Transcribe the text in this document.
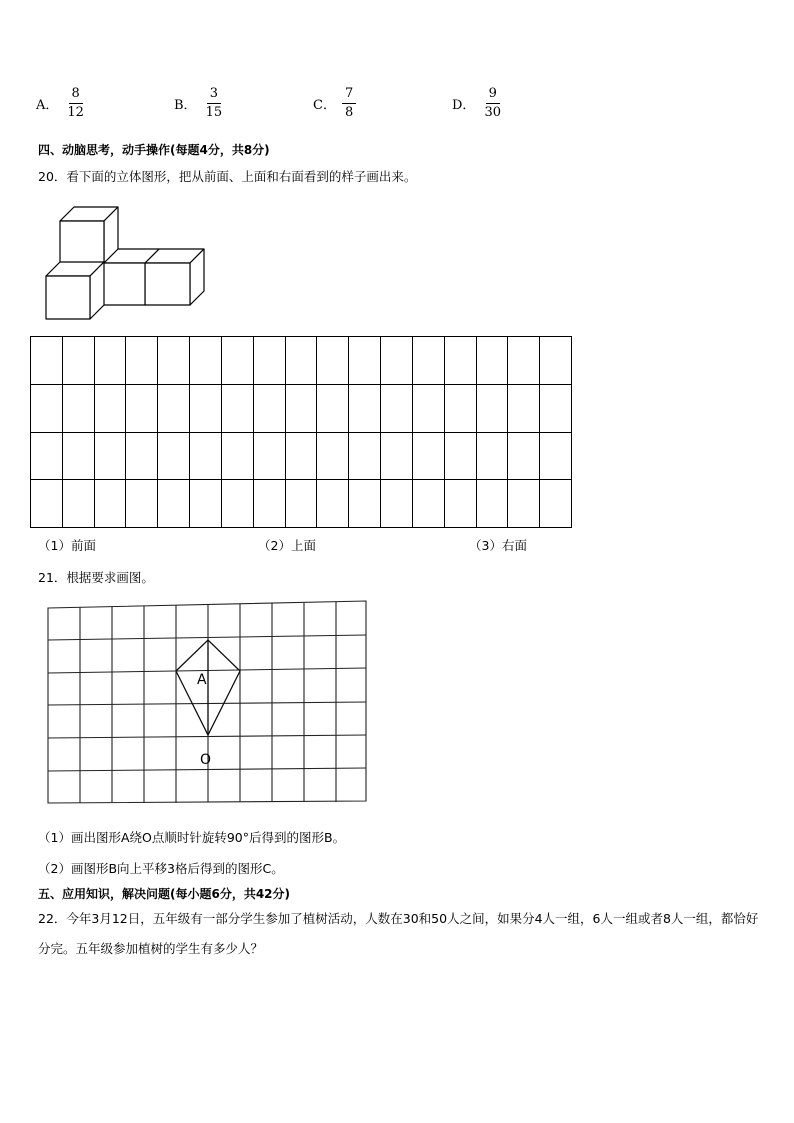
A． $\frac{8}{12}$	B． $\frac{3}{15}$	C． $\frac{7}{8}$	D． $\frac{9}{30}$
四、动脑思考，动手操作(每题4分，共8分)
20．看下面的立体图形，把从前面、上面和右面看到的样子画出来。
（1）前面	（2）上面	（3）右面
21．根据要求画图。
A
O
（1）画出图形A绕O点顺时针旋转90°后得到的图形B。
（2）画图形B向上平移3格后得到的图形C。
五、应用知识，解决问题(每小题6分，共42分)
22．今年3月12日，五年级有一部分学生参加了植树活动，人数在30和50人之间，如果分4人一组，6人一组或者8人一组，都恰好分完。五年级参加植树的学生有多少人？
